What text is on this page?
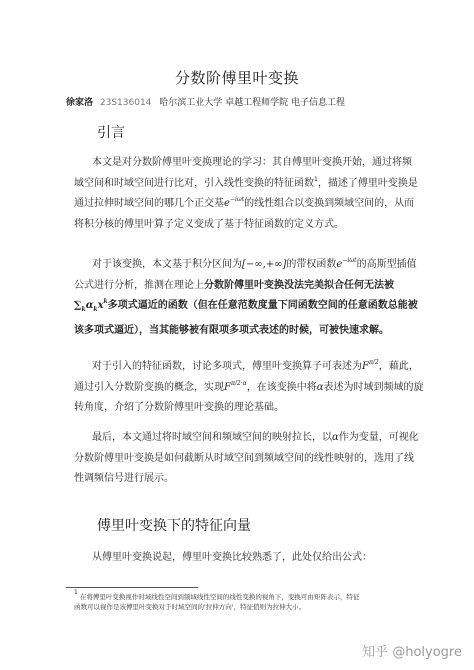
分数阶傅里叶变换
徐家洛 23S136014 哈尔滨工业大学 卓越工程师学院 电子信息工程
引言
本文是对分数阶傅里叶变换理论的学习：其自傅里叶变换开始，通过将频
域空间和时域空间进行比对，引入线性变换的特征函数$^1$，描述了傅里叶变换是
通过拉伸时域空间的哪几个正交基$e^{-i\omega t}$的线性组合以变换到频域空间的，从而
将积分核的傅里叶算子定义变成了基于特征函数的定义方式。
对于该变换，本文基于积分区间为[−∞,+∞]的带权函数$e^{-i\omega t}$的高斯型插值
公式进行分析，推测在理论上分数阶傅里叶变换没法完美拟合任何无法被
$\sum_k\alpha_kx^k$多项式逼近的函数（但在任意范数度量下同函数空间的任意函数总能被
该多项式逼近），当其能够被有限项多项式表述的时候，可被快速求解。
对于引入的特征函数，讨论多项式，傅里叶变换算子可表述为$F^{\pi/2}$，藉此，
通过引入分数阶变换的概念，实现$F^{\pi/2\cdot\alpha}$，在该变换中将α表述为时域到频域的旋
转角度，介绍了分数阶傅里叶变换的理论基础。
最后，本文通过将时域空间和频域空间的映射拉长，以α作为变量，可视化
分数阶傅里叶变换是如何截断从时域空间到频域空间的线性映射的，选用了线
性调频信号进行展示。
傅里叶变换下的特征向量
从傅里叶变换说起，傅里叶变换比较熟悉了，此处仅给出公式：
$^1$ 在将傅里叶变换视作时域线性空间到频域线性空间的线性变换的视角下，变换可由矩阵表示，特征
函数可以视作是该傅里叶变换对于时域空间的'拉伸方向'，特征值则为拉伸大小。
知乎 @holyogre
